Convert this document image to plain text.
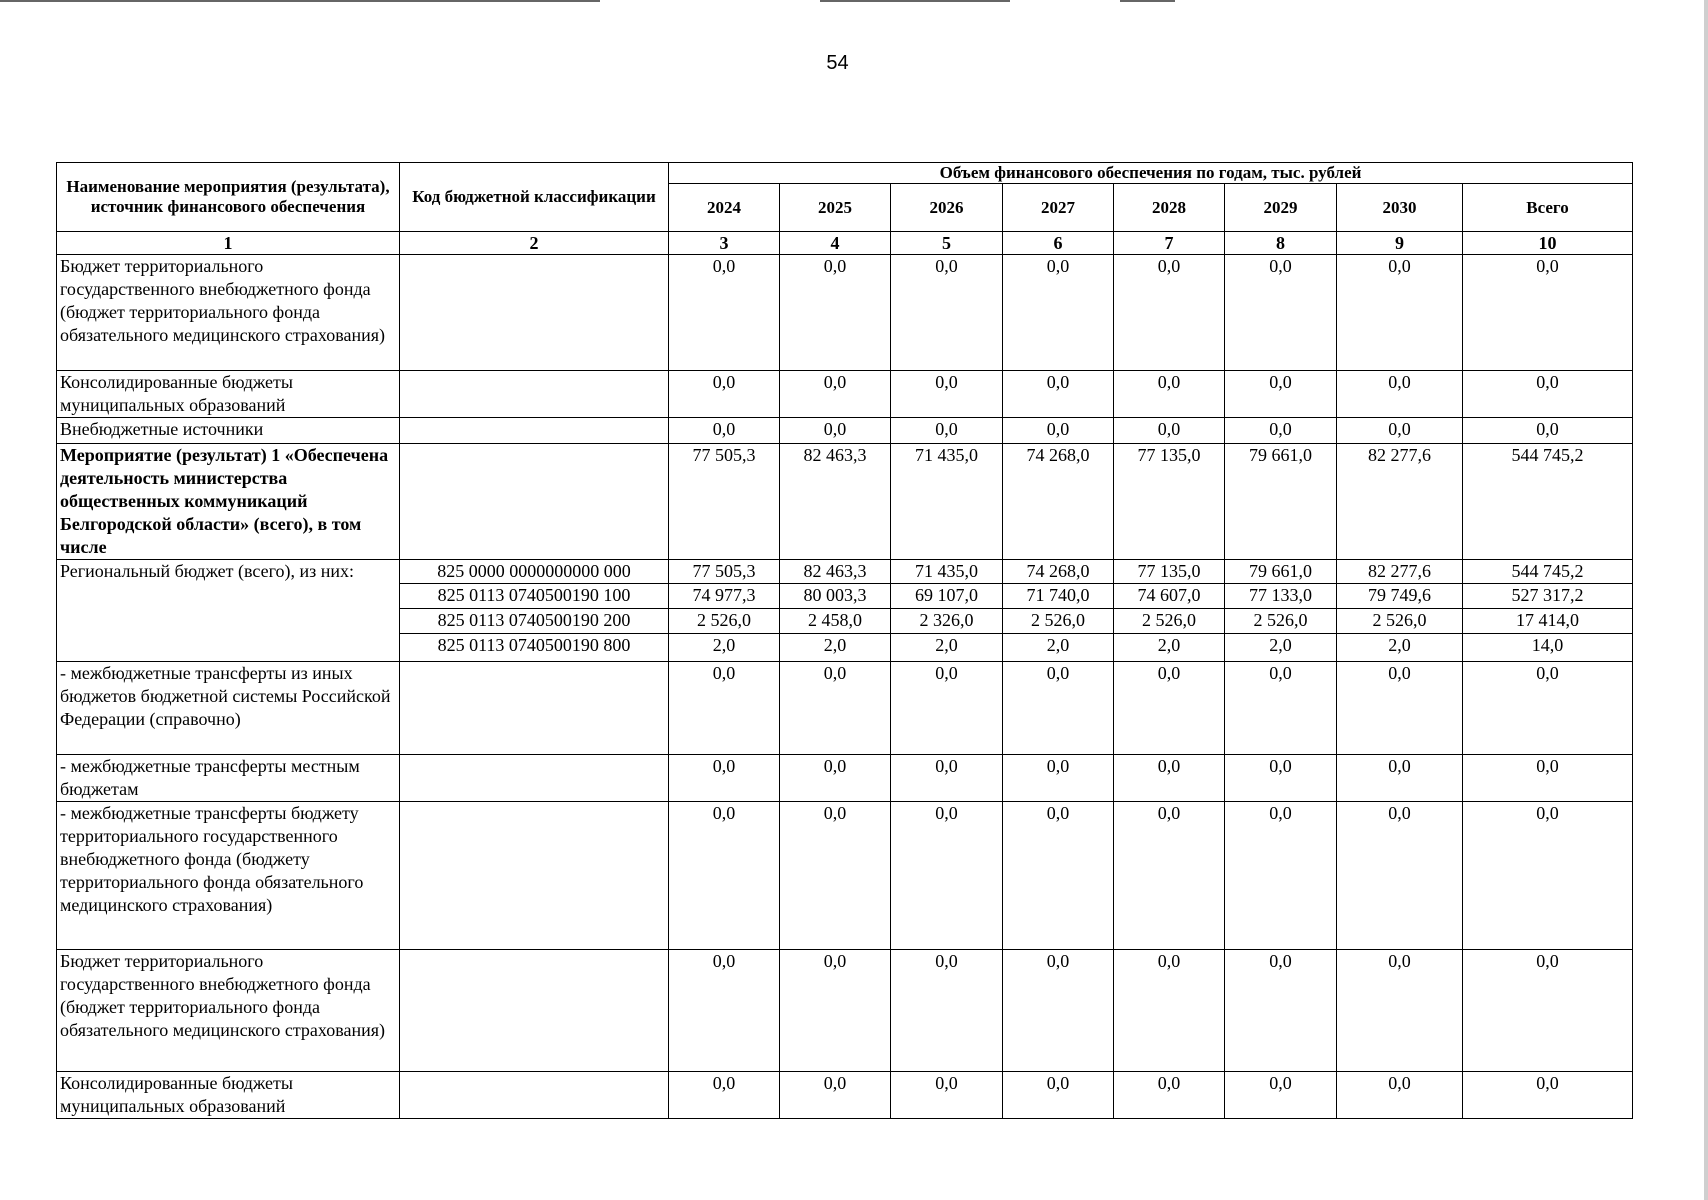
54
Наименование мероприятия (результата), источник финансового обеспечения	Код бюджетной классификации	Объем финансового обеспечения по годам, тыс. рублей							
		2024	2025	2026	2027	2028	2029	2030	Всего
1	2	3	4	5	6	7	8	9	10
Бюджет территориального государственного внебюджетного фонда (бюджет территориального фонда обязательного медицинского страхования)		0,0	0,0	0,0	0,0	0,0	0,0	0,0	0,0
Консолидированные бюджеты муниципальных образований		0,0	0,0	0,0	0,0	0,0	0,0	0,0	0,0
Внебюджетные источники		0,0	0,0	0,0	0,0	0,0	0,0	0,0	0,0
Мероприятие (результат) 1 «Обеспечена деятельность министерства общественных коммуникаций Белгородской области» (всего), в том числе		77 505,3	82 463,3	71 435,0	74 268,0	77 135,0	79 661,0	82 277,6	544 745,2
Региональный бюджет (всего), из них:	825 0000 0000000000 000	77 505,3	82 463,3	71 435,0	74 268,0	77 135,0	79 661,0	82 277,6	544 745,2
	825 0113 0740500190 100	74 977,3	80 003,3	69 107,0	71 740,0	74 607,0	77 133,0	79 749,6	527 317,2
	825 0113 0740500190 200	2 526,0	2 458,0	2 326,0	2 526,0	2 526,0	2 526,0	2 526,0	17 414,0
	825 0113 0740500190 800	2,0	2,0	2,0	2,0	2,0	2,0	2,0	14,0
- межбюджетные трансферты из иных бюджетов бюджетной системы Российской Федерации (справочно)		0,0	0,0	0,0	0,0	0,0	0,0	0,0	0,0
- межбюджетные трансферты местным бюджетам		0,0	0,0	0,0	0,0	0,0	0,0	0,0	0,0
- межбюджетные трансферты бюджету территориального государственного внебюджетного фонда (бюджету территориального фонда обязательного медицинского страхования)		0,0	0,0	0,0	0,0	0,0	0,0	0,0	0,0
Бюджет территориального государственного внебюджетного фонда (бюджет территориального фонда обязательного медицинского страхования)		0,0	0,0	0,0	0,0	0,0	0,0	0,0	0,0
Консолидированные бюджеты муниципальных образований		0,0	0,0	0,0	0,0	0,0	0,0	0,0	0,0
